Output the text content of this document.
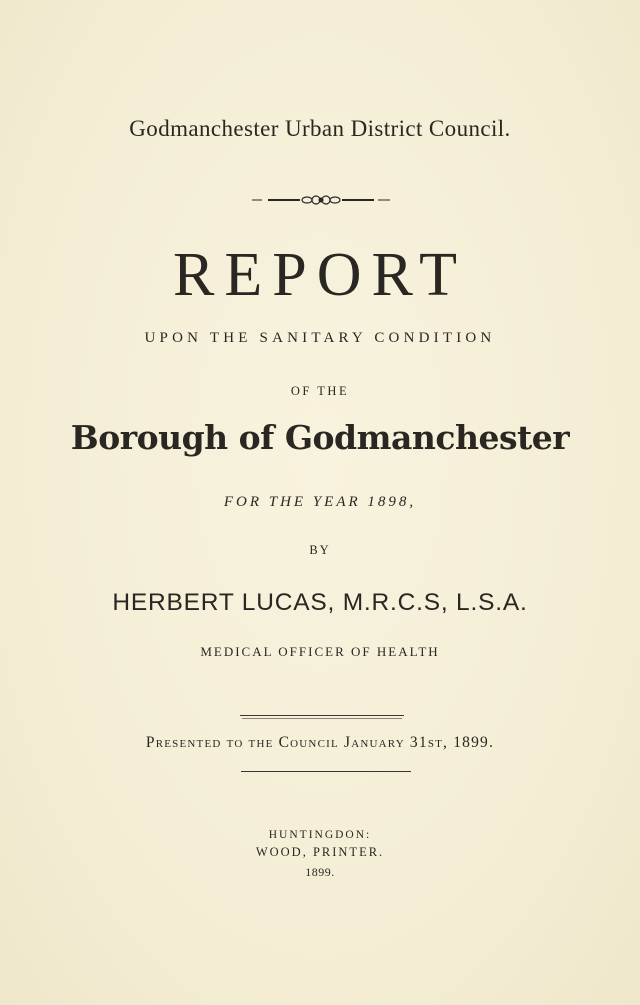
Godmanchester Urban District Council.
REPORT
UPON THE SANITARY CONDITION
OF THE
Borough of Godmanchester
FOR THE YEAR 1898,
BY
HERBERT LUCAS, M.R.C.S, L.S.A.
MEDICAL OFFICER OF HEALTH
Presented to the Council January 31st, 1899.
HUNTINGDON:
WOOD, PRINTER.
1899.
